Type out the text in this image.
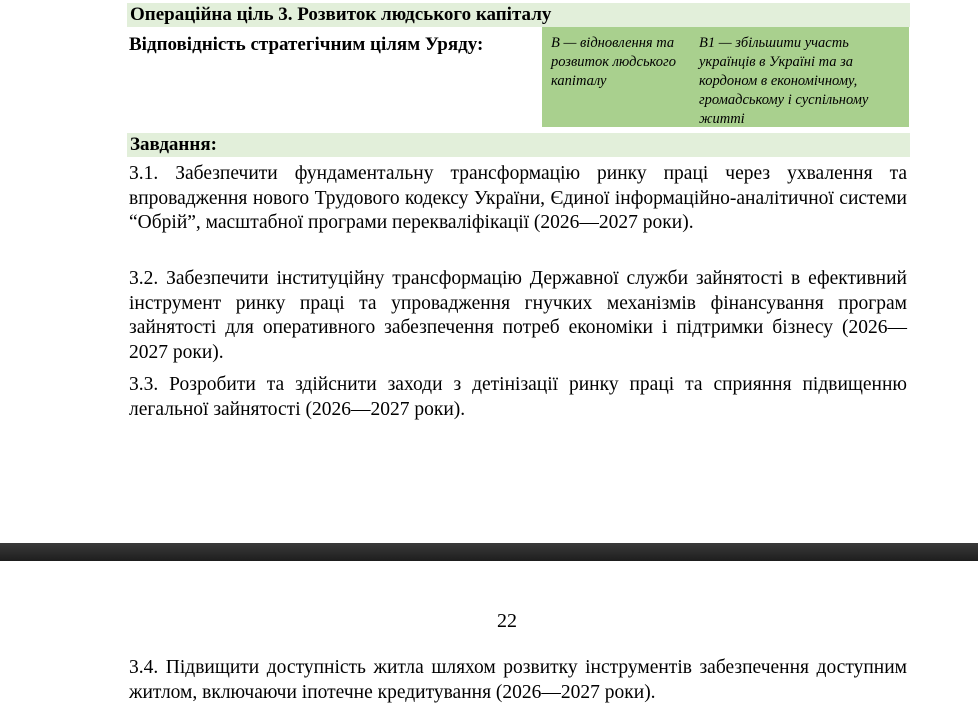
Операційна ціль 3. Розвиток людського капіталу
Відповідність стратегічним цілям Уряду:	В — відновлення та розвиток людського капіталу
В1 — збільшити участь українців в Україні та за кордоном в економічному, громадському і суспільному житті
Завдання:
3.1. Забезпечити фундаментальну трансформацію ринку праці через ухвалення та впровадження нового Трудового кодексу України, Єдиної інформаційно-аналітичної системи “Обрій”, масштабної програми перекваліфікації (2026—2027 роки).
3.2. Забезпечити інституційну трансформацію Державної служби зайнятості в ефективний інструмент ринку праці та упровадження гнучких механізмів фінансування програм зайнятості для оперативного забезпечення потреб економіки і підтримки бізнесу (2026—2027 роки).
3.3. Розробити та здійснити заходи з детінізації ринку праці та сприяння підвищенню легальної зайнятості (2026—2027 роки).
22
3.4. Підвищити доступність житла шляхом розвитку інструментів забезпечення доступним житлом, включаючи іпотечне кредитування (2026—2027 роки).
